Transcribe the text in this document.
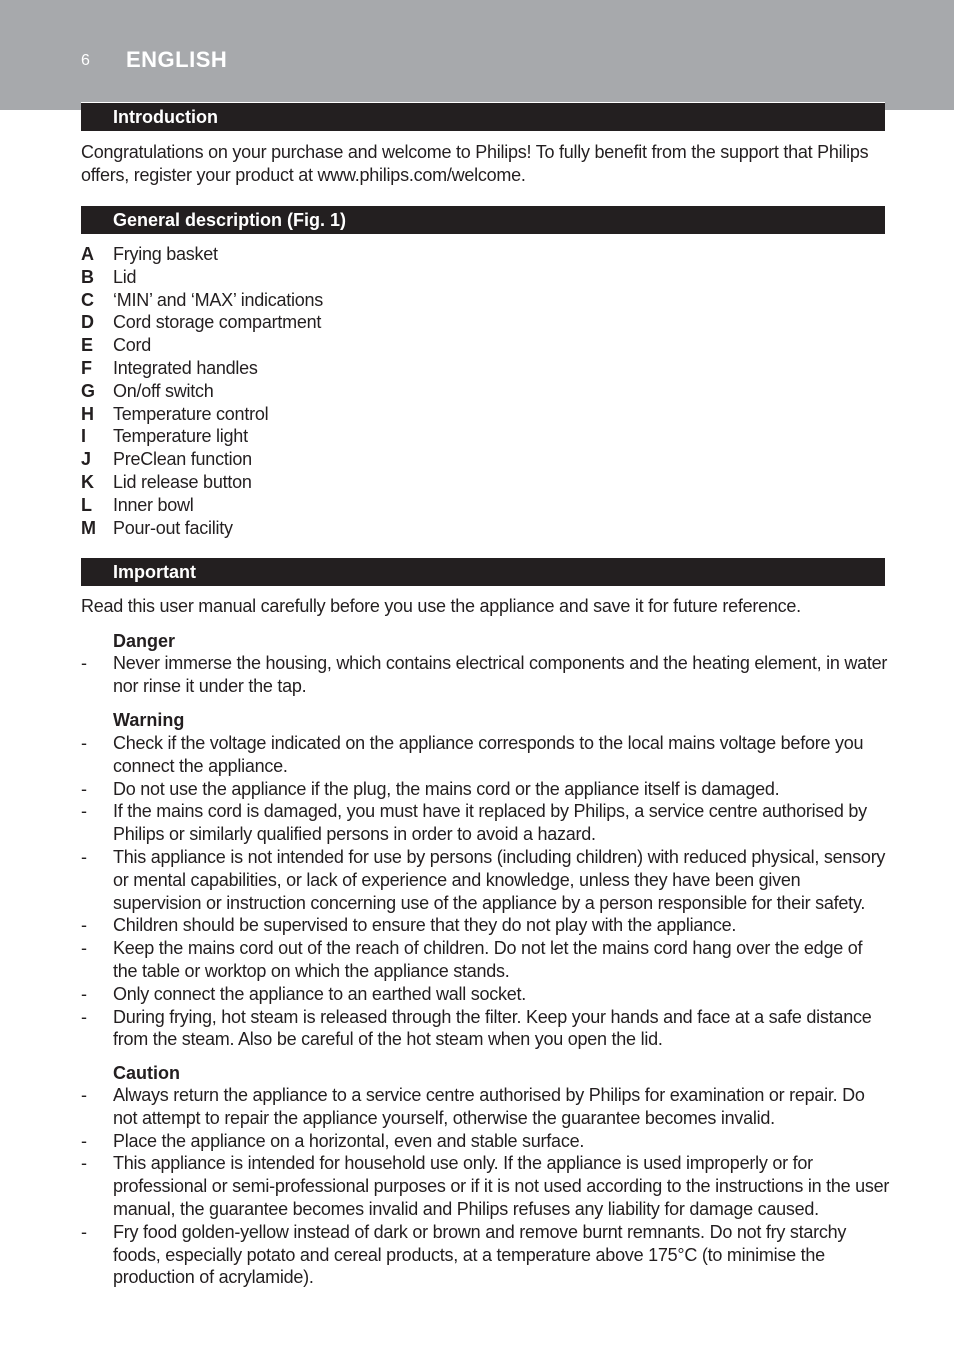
6 ENGLISH
Introduction
Congratulations on your purchase and welcome to Philips! To fully benefit from the support that Philips offers, register your product at www.philips.com/welcome.
General description (Fig. 1)
A Frying basket
B Lid
C ‘MIN’ and ‘MAX’ indications
D Cord storage compartment
E Cord
F Integrated handles
G On/off switch
H Temperature control
I Temperature light
J PreClean function
K Lid release button
L Inner bowl
M Pour-out facility
Important
Read this user manual carefully before you use the appliance and save it for future reference.
Danger
- Never immerse the housing, which contains electrical components and the heating element, in water nor rinse it under the tap.
Warning
- Check if the voltage indicated on the appliance corresponds to the local mains voltage before you connect the appliance.
- Do not use the appliance if the plug, the mains cord or the appliance itself is damaged.
- If the mains cord is damaged, you must have it replaced by Philips, a service centre authorised by Philips or similarly qualified persons in order to avoid a hazard.
- This appliance is not intended for use by persons (including children) with reduced physical, sensory or mental capabilities, or lack of experience and knowledge, unless they have been given supervision or instruction concerning use of the appliance by a person responsible for their safety.
- Children should be supervised to ensure that they do not play with the appliance.
- Keep the mains cord out of the reach of children. Do not let the mains cord hang over the edge of the table or worktop on which the appliance stands.
- Only connect the appliance to an earthed wall socket.
- During frying, hot steam is released through the filter. Keep your hands and face at a safe distance from the steam. Also be careful of the hot steam when you open the lid.
Caution
- Always return the appliance to a service centre authorised by Philips for examination or repair. Do not attempt to repair the appliance yourself, otherwise the guarantee becomes invalid.
- Place the appliance on a horizontal, even and stable surface.
- This appliance is intended for household use only. If the appliance is used improperly or for professional or semi-professional purposes or if it is not used according to the instructions in the user manual, the guarantee becomes invalid and Philips refuses any liability for damage caused.
- Fry food golden-yellow instead of dark or brown and remove burnt remnants. Do not fry starchy foods, especially potato and cereal products, at a temperature above 175°C (to minimise the production of acrylamide).
